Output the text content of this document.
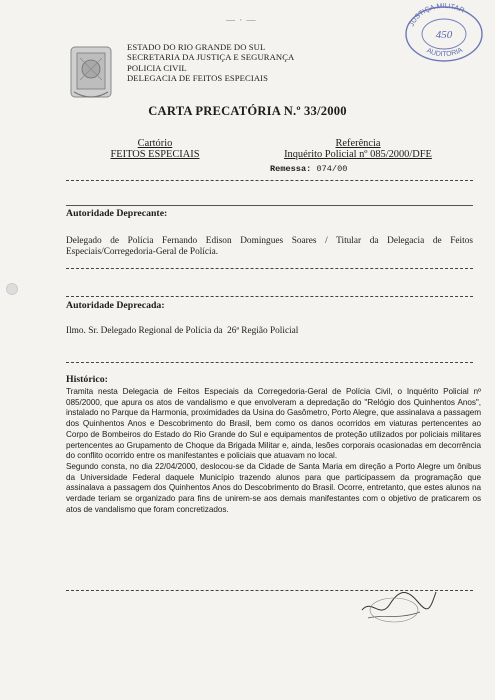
— · —
ESTADO DO RIO GRANDE DO SUL
SECRETARIA DA JUSTIÇA E SEGURANÇA
POLICIA CIVIL
DELEGACIA DE FEITOS ESPECIAIS
JUSTIÇA MILITAR
AUDITORIA
450
CARTA PRECATÓRIA N.º 33/2000
Cartório
FEITOS ESPECIAIS
Referência
Inquérito Policial nº 085/2000/DFE
Remessa: 074/00
Autoridade Deprecante:
Delegado de Polícia Fernando Edison Domingues Soares / Titular da Delegacia de Feitos Especiais/Corregedoria-Geral de Polícia.
Autoridade Deprecada:
Ilmo. Sr. Delegado Regional de Polícia da 26ª Região Policial
Histórico:

Tramita nesta Delegacia de Feitos Especiais da Corregedoria-Geral de Polícia Civil, o Inquérito Policial nº 085/2000, que apura os atos de vandalismo e que envolveram a depredação do "Relógio dos Quinhentos Anos", instalado no Parque da Harmonia, proximidades da Usina do Gasômetro, Porto Alegre, que assinalava a passagem dos Quinhentos Anos e Descobrimento do Brasil, bem como os danos ocorridos em viaturas pertencentes ao Corpo de Bombeiros do Estado do Rio Grande do Sul e equipamentos de proteção utilizados por policiais militares pertencentes ao Grupamento de Choque da Brigada Militar e, ainda, lesões corporais ocasionadas em decorrência do conflito ocorrido entre os manifestantes e policiais que atuavam no local.

Segundo consta, no dia 22/04/2000, deslocou-se da Cidade de Santa Maria em direção a Porto Alegre um ônibus da Universidade Federal daquele Município trazendo alunos para que participassem da programação que assinalava a passagem dos Quinhentos Anos do Descobrimento do Brasil. Ocorre, entretanto, que estes alunos na verdade teriam se organizado para fins de unirem-se aos demais manifestantes com o objetivo de praticarem os atos de vandalismo que foram concretizados.
